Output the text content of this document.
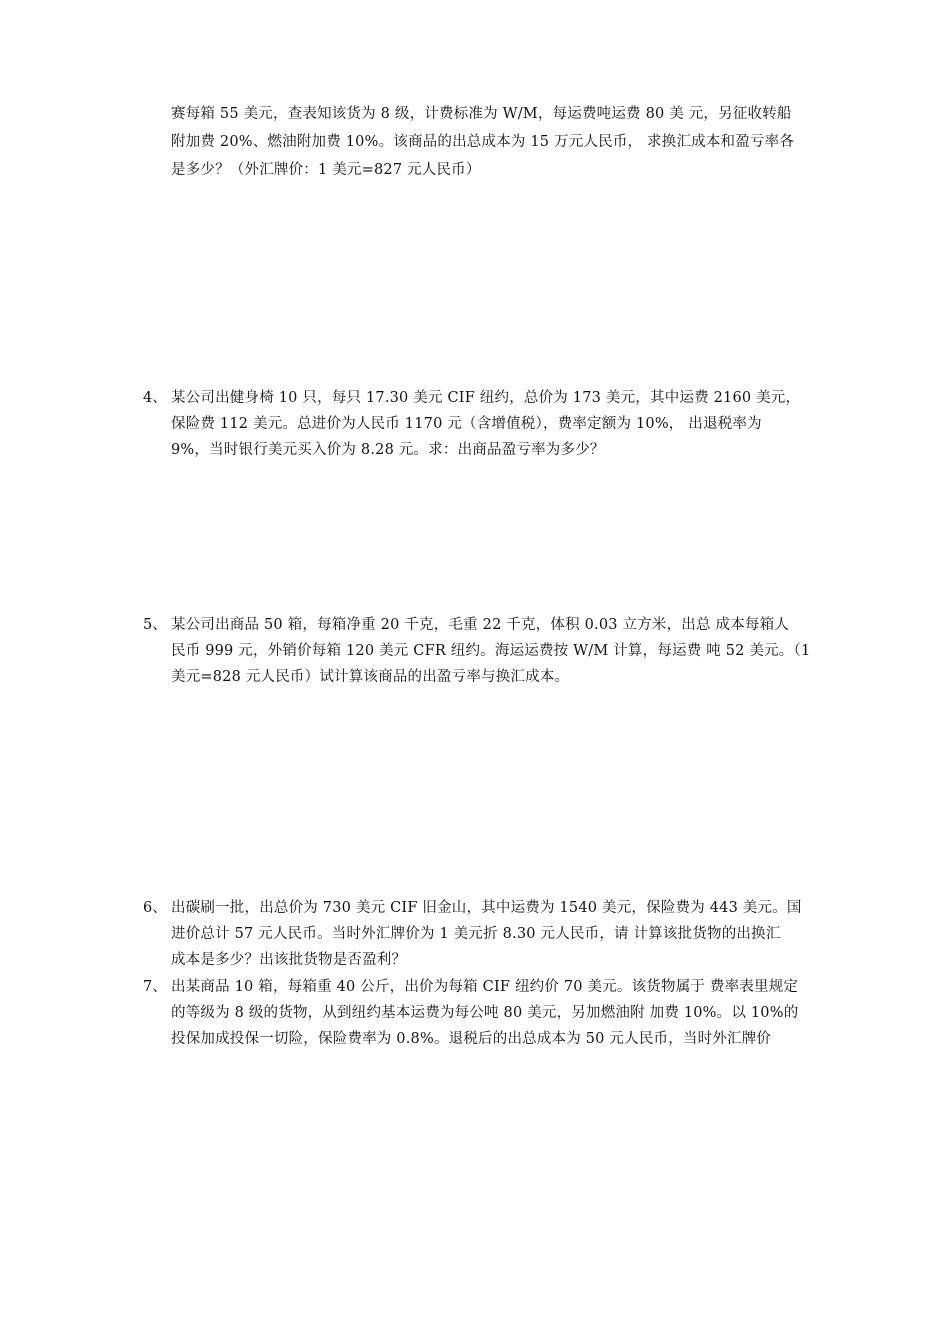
赛每箱 55 美元，查表知该货为 8 级，计费标准为 W/M，每运费吨运费 80 美 元，另征收转船
附加费 20%、燃油附加费 10%。该商品的出总成本为 15 万元人民币， 求换汇成本和盈亏率各
是多少？（外汇牌价：1 美元=827 元人民币）
4、 某公司出健身椅 10 只，每只 17.30 美元 CIF 纽约，总价为 173 美元，其中运费 2160 美元，
保险费 112 美元。总进价为人民币 1170 元（含增值税），费率定额为 10%， 出退税率为
9%，当时银行美元买入价为 8.28 元。求：出商品盈亏率为多少？
5、 某公司出商品 50 箱，每箱净重 20 千克，毛重 22 千克，体积 0.03 立方米，出总 成本每箱人
民币 999 元，外销价每箱 120 美元 CFR 纽约。海运运费按 W/M 计算，每运费 吨 52 美元。（1
美元=828 元人民币）试计算该商品的出盈亏率与换汇成本。
6、 出碳刷一批，出总价为 730 美元 CIF 旧金山，其中运费为 1540 美元，保险费为 443 美元。国
进价总计 57 元人民币。当时外汇牌价为 1 美元折 8.30 元人民币，请 计算该批货物的出换汇
成本是多少？出该批货物是否盈利？
7、 出某商品 10 箱，每箱重 40 公斤，出价为每箱 CIF 纽约价 70 美元。该货物属于 费率表里规定
的等级为 8 级的货物，从到纽约基本运费为每公吨 80 美元，另加燃油附 加费 10%。以 10%的
投保加成投保一切险，保险费率为 0.8%。退税后的出总成本为 50 元人民币，当时外汇牌价
